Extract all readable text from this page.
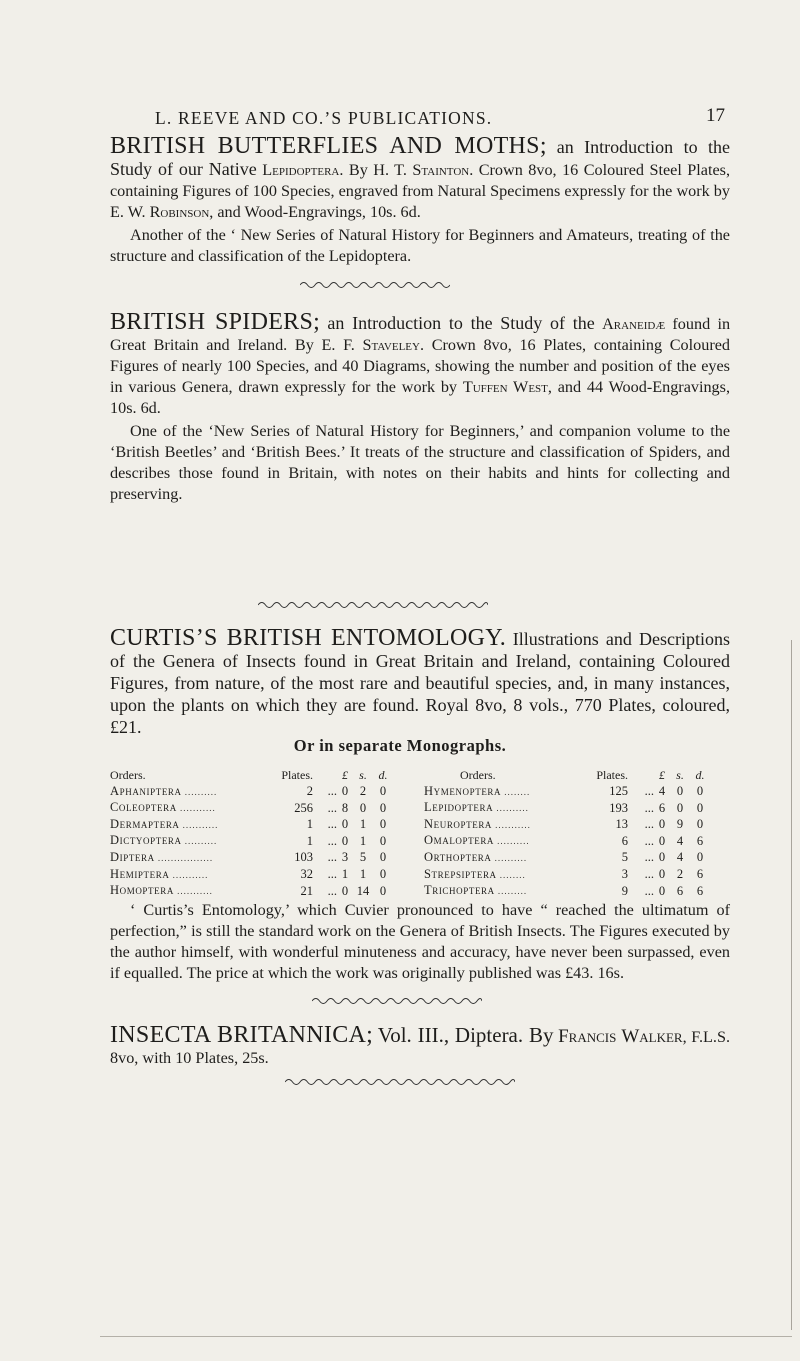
L. REEVE AND CO.’S PUBLICATIONS.	17

BRITISH BUTTERFLIES AND MOTHS; an Introduction to the Study of our Native Lepidoptera. By H. T. Stainton. Crown 8vo, 16 Coloured Steel Plates, containing Figures of 100 Species, engraved from Natural Specimens expressly for the work by E. W. Robinson, and Wood-Engravings, 10s. 6d.

Another of the ‘ New Series of Natural History for Beginners and Amateurs, treating of the structure and classification of the Lepidoptera.

BRITISH SPIDERS; an Introduction to the Study of the Araneidæ found in Great Britain and Ireland. By E. F. Staveley. Crown 8vo, 16 Plates, containing Coloured Figures of nearly 100 Species, and 40 Diagrams, showing the number and position of the eyes in various Genera, drawn expressly for the work by Tuffen West, and 44 Wood-Engravings, 10s. 6d.

One of the ‘New Series of Natural History for Beginners,’ and companion volume to the ‘British Beetles’ and ‘British Bees.’ It treats of the structure and classification of Spiders, and describes those found in Britain, with notes on their habits and hints for collecting and preserving.

CURTIS’S BRITISH ENTOMOLOGY. Illustrations and Descriptions of the Genera of Insects found in Great Britain and Ireland, containing Coloured Figures, from nature, of the most rare and beautiful species, and, in many instances, upon the plants on which they are found. Royal 8vo, 8 vols., 770 Plates, coloured, £21.

Or in separate Monographs.
Orders.	Plates.		£	s.	d.
Aphaniptera ..........	2	...	0	2	0
Coleoptera ...........	256	...	8	0	0
Dermaptera ...........	1	...	0	1	0
Dictyoptera ..........	1	...	0	1	0
Diptera .................	103	...	3	5	0
Hemiptera ...........	32	...	1	1	0
Homoptera ...........	21	...	0	14	0
Orders.	Plates.		£	s.	d.
Hymenoptera ........	125	...	4	0	0
Lepidoptera ..........	193	...	6	0	0
Neuroptera ...........	13	...	0	9	0
Omaloptera ..........	6	...	0	4	6
Orthoptera ..........	5	...	0	4	0
Strepsiptera ........	3	...	0	2	6
Trichoptera .........	9	...	0	6	6

‘ Curtis’s Entomology,’ which Cuvier pronounced to have “ reached the ultimatum of perfection,” is still the standard work on the Genera of British Insects. The Figures executed by the author himself, with wonderful minuteness and accuracy, have never been surpassed, even if equalled. The price at which the work was originally published was £43. 16s.

INSECTA BRITANNICA; Vol. III., Diptera. By Francis Walker, F.L.S. 8vo, with 10 Plates, 25s.
